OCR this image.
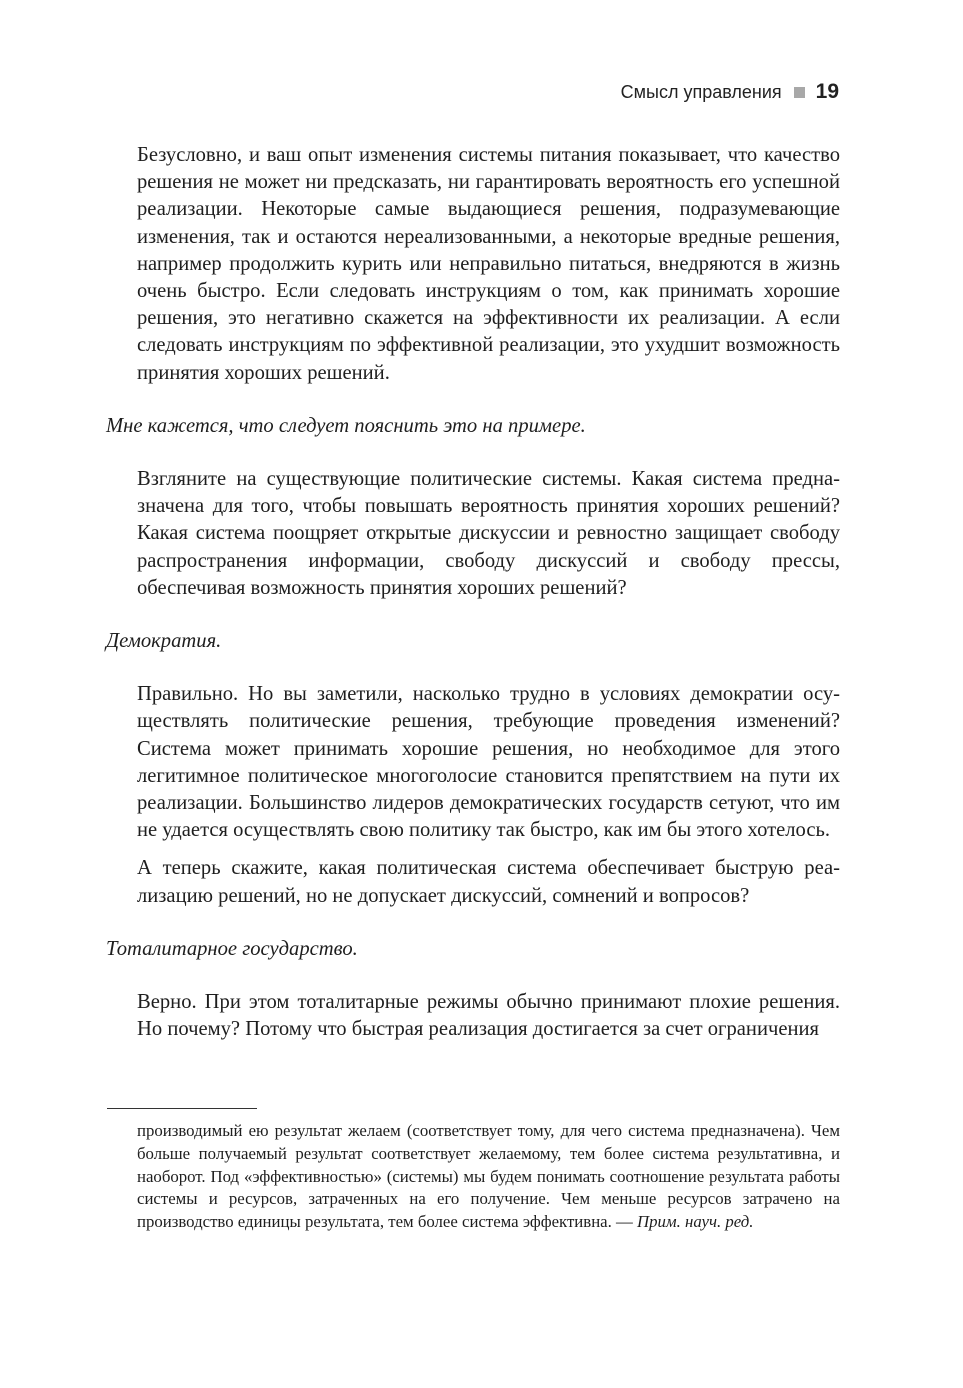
Смысл управления 19

Безусловно, и ваш опыт изменения системы питания показывает, что качество решения не может ни предсказать, ни гарантировать вероятность его успешной реализации. Некоторые самые выдающиеся решения, подразумевающие изменения, так и остаются нереализованными, а некоторые вредные решения, например продолжить курить или неправильно питаться, внедряются в жизнь очень быстро. Если следовать инструкциям о том, как принимать хорошие решения, это негативно скажется на эффективности их реализации. А если следовать инструкциям по эффективной реализации, это ухудшит возможность принятия хороших решений.

Мне кажется, что следует пояснить это на примере.

Взгляните на существующие политические системы. Какая система предназначена для того, чтобы повышать вероятность принятия хороших решений? Какая система поощряет открытые дискуссии и ревностно защищает свободу распространения информации, свободу дискуссий и свободу прессы, обеспечивая возможность принятия хороших решений?

Демократия.

Правильно. Но вы заметили, насколько трудно в условиях демократии осуществлять политические решения, требующие проведения изменений? Система может принимать хорошие решения, но необходимое для этого легитимное политическое многоголосие становится препятствием на пути их реализации. Большинство лидеров демократических государств сетуют, что им не удается осуществлять свою политику так быстро, как им бы этого хотелось.

А теперь скажите, какая политическая система обеспечивает быструю реализацию решений, но не допускает дискуссий, сомнений и вопросов?

Тоталитарное государство.

Верно. При этом тоталитарные режимы обычно принимают плохие решения. Но почему? Потому что быстрая реализация достигается за счет ограничения

производимый ею результат желаем (соответствует тому, для чего система предназначена). Чем больше получаемый результат соответствует желаемому, тем более система результативна, и наоборот. Под «эффективностью» (системы) мы будем понимать соотношение результата работы системы и ресурсов, затраченных на его получение. Чем меньше ресурсов затрачено на производство единицы результата, тем более система эффективна. — Прим. науч. ред.
